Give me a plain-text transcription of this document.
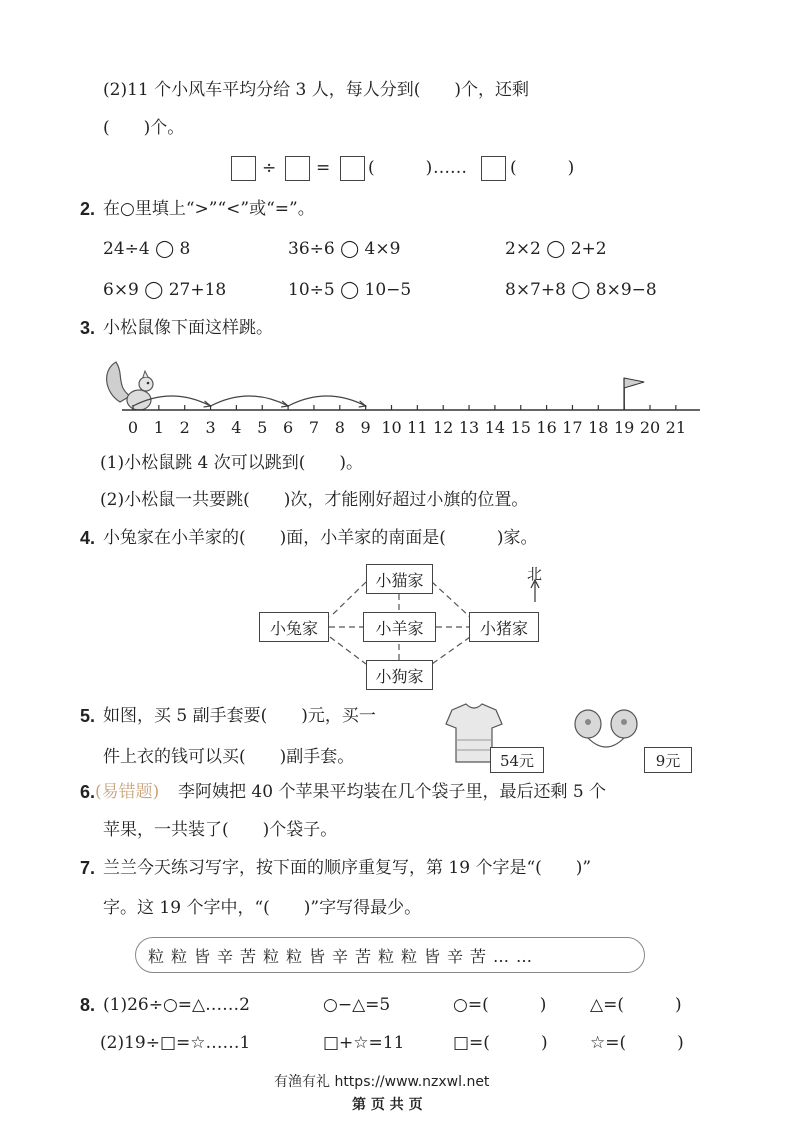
(2)11 个小风车平均分给 3 人，每人分到(　　)个，还剩
(　　)个。
÷ = (　　　) ……	(　　　)
2. 在○里填上“>”“<”或“=”。
24÷4 ◯ 8	36÷6 ◯ 4×9	2×2 ◯ 2+2
6×9 ◯ 27+18	10÷5 ◯ 10−5	8×7+8 ◯ 8×9−8
3. 小松鼠像下面这样跳。
0 1 2 3 4 5 6 7 8 9 10 11 12 13 14 15 16 17 18 19 20 21
(1)小松鼠跳 4 次可以跳到(　　)。
(2)小松鼠一共要跳(　　)次，才能刚好超过小旗的位置。
4. 小兔家在小羊家的(　　)面，小羊家的南面是(　　　)家。
北
小猫家
小兔家	小羊家	小猪家
小狗家
5. 如图，买 5 副手套要(　　)元，买一
件上衣的钱可以买(　　)副手套。	54元	9元
6. (易错题) 李阿姨把 40 个苹果平均装在几个袋子里，最后还剩 5 个
苹果，一共装了(　　)个袋子。
7. 兰兰今天练习写字，按下面的顺序重复写，第 19 个字是“(　　)”
字。这 19 个字中，“(　　)”字写得最少。
粒粒皆辛苦粒粒皆辛苦粒粒皆辛苦……
8. (1)26÷○=△……2	○−△=5	○=(　　　)	△=(　　　)
(2)19÷□=☆……1	□+☆=11	□=(　　　) ☆=(　　　)
有渔有礼 https://www.nzxwl.net
第 页 共 页
